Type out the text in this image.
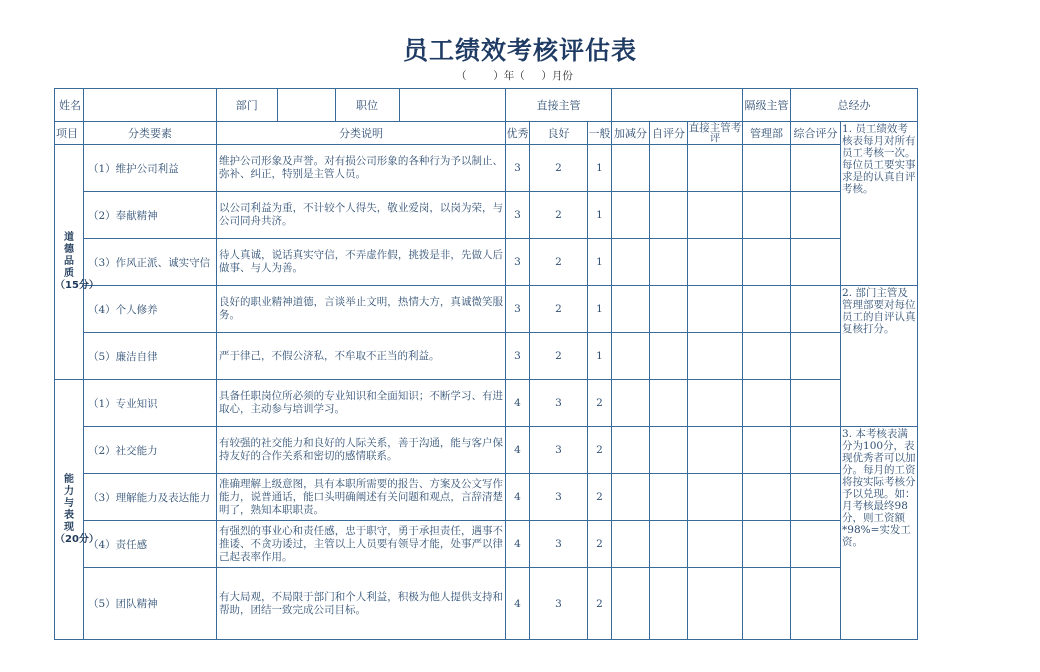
员工绩效考核评估表
（        ）年（     ）月份
姓名			部门		职位	
		直接主管		隔级主管	总经办	
项目	分类要素	分类说明	优秀	良好	一般	加减分	自评分	直接主管考评	管理部	综合评分	1. 员工绩效考核表每月对所有员工考核一次。每位员工要实事求是的认真自评考核。

道
德
品
质
（15分）
	（1）维护公司利益	维护公司形象及声誉。对有损公司形象的各种行为予以制止、弥补、纠正，特别是主管人员。	3	2	1					
（2）奉献精神	以公司利益为重，不计较个人得失，敬业爱岗，以岗为荣，与公司同舟共济。	3	2	1					
（3）作风正派、诚实守信	待人真诚，说话真实守信，不弄虚作假，挑拨是非，先做人后做事、与人为善。	3	2	1					
（4）个人修养	良好的职业精神道德，言谈举止文明，热情大方，真诚微笑服务。	3	2	1						2. 部门主管及管理部要对每位员工的自评认真复核打分。
（5）廉洁自律	严于律己，不假公济私，不牟取不正当的利益。	3	2	1					

能
力
与
表
现
（20分）
	（1）专业知识	具备任职岗位所必须的专业知识和全面知识；不断学习、有进取心，主动参与培训学习。	4	3	2					
（2）社交能力	有较强的社交能力和良好的人际关系，善于沟通，能与客户保持友好的合作关系和密切的感情联系。	4	3	2						3. 本考核表满分为100分，表现优秀者可以加分。每月的工资将按实际考核分予以兑现。如：月考核最终98分，则工资额*98%=实发工资。
（3）理解能力及表达能力	准确理解上级意图，具有本职所需要的报告、方案及公文写作能力，说普通话，能口头明确阐述有关问题和观点，言辞清楚明了，熟知本职职责。	4	3	2					
（4）责任感	有强烈的事业心和责任感，忠于职守，勇于承担责任，遇事不推诿、不贪功诿过，主管以上人员要有领导才能，处事严以律己起表率作用。	4	3	2					
（5）团队精神	有大局观，不局限于部门和个人利益，积极为他人提供支持和帮助，团结一致完成公司目标。	4	3	2					
